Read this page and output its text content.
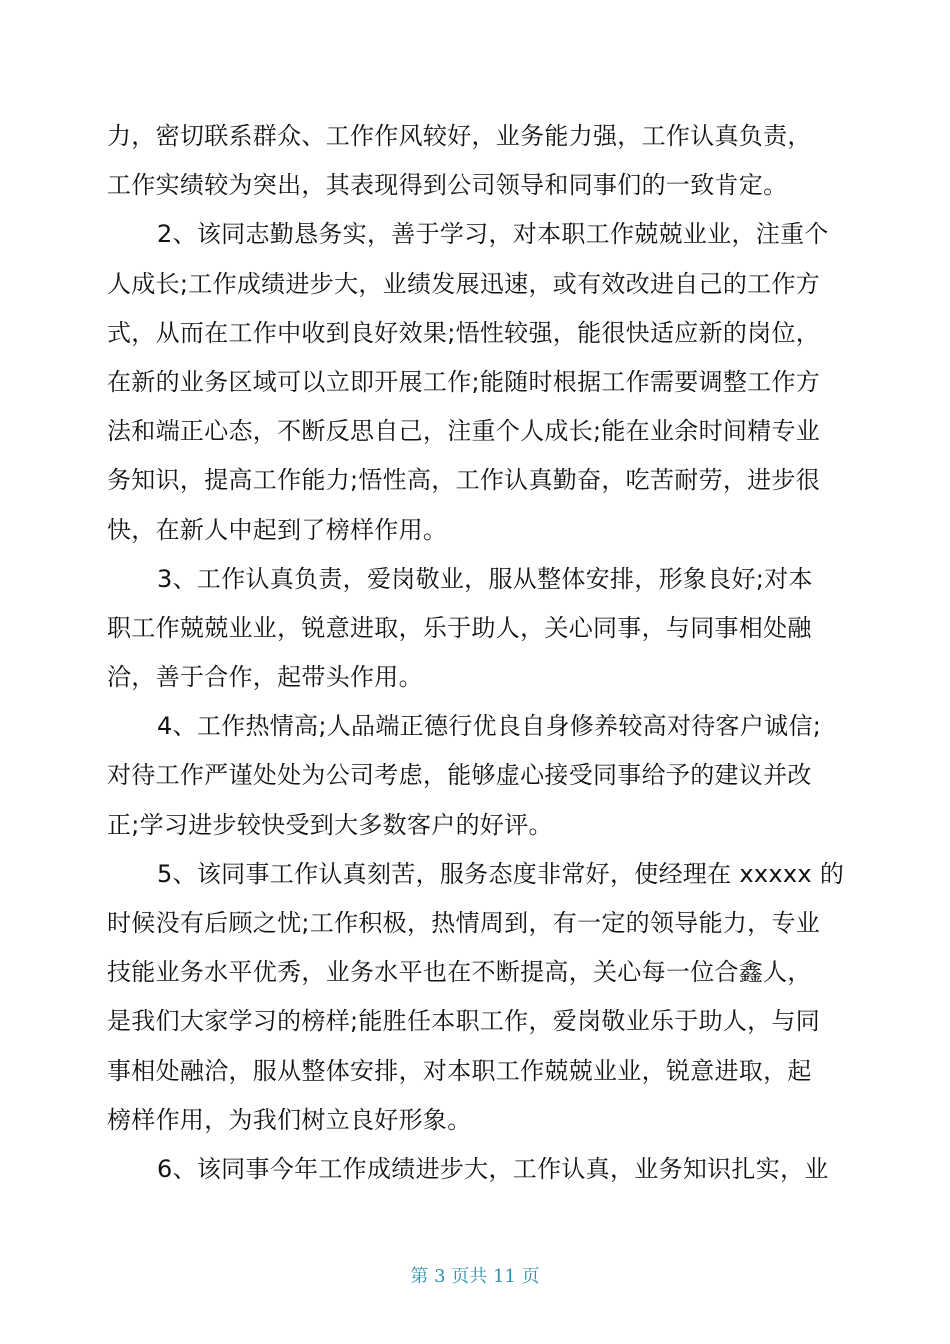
力，密切联系群众、工作作风较好，业务能力强，工作认真负责，
工作实绩较为突出，其表现得到公司领导和同事们的一致肯定。
2、该同志勤恳务实，善于学习，对本职工作兢兢业业，注重个
人成长;工作成绩进步大，业绩发展迅速，或有效改进自己的工作方
式，从而在工作中收到良好效果;悟性较强，能很快适应新的岗位，
在新的业务区域可以立即开展工作;能随时根据工作需要调整工作方
法和端正心态，不断反思自己，注重个人成长;能在业余时间精专业
务知识，提高工作能力;悟性高，工作认真勤奋，吃苦耐劳，进步很
快，在新人中起到了榜样作用。
3、工作认真负责，爱岗敬业，服从整体安排，形象良好;对本
职工作兢兢业业，锐意进取，乐于助人，关心同事，与同事相处融
洽，善于合作，起带头作用。
4、工作热情高;人品端正德行优良自身修养较高对待客户诚信;
对待工作严谨处处为公司考虑，能够虚心接受同事给予的建议并改
正;学习进步较快受到大多数客户的好评。
5、该同事工作认真刻苦，服务态度非常好，使经理在 xxxxx 的
时候没有后顾之忧;工作积极，热情周到，有一定的领导能力，专业
技能业务水平优秀，业务水平也在不断提高，关心每一位合鑫人，
是我们大家学习的榜样;能胜任本职工作，爱岗敬业乐于助人，与同
事相处融洽，服从整体安排，对本职工作兢兢业业，锐意进取，起
榜样作用，为我们树立良好形象。
6、该同事今年工作成绩进步大，工作认真，业务知识扎实，业
第 3 页共 11 页
